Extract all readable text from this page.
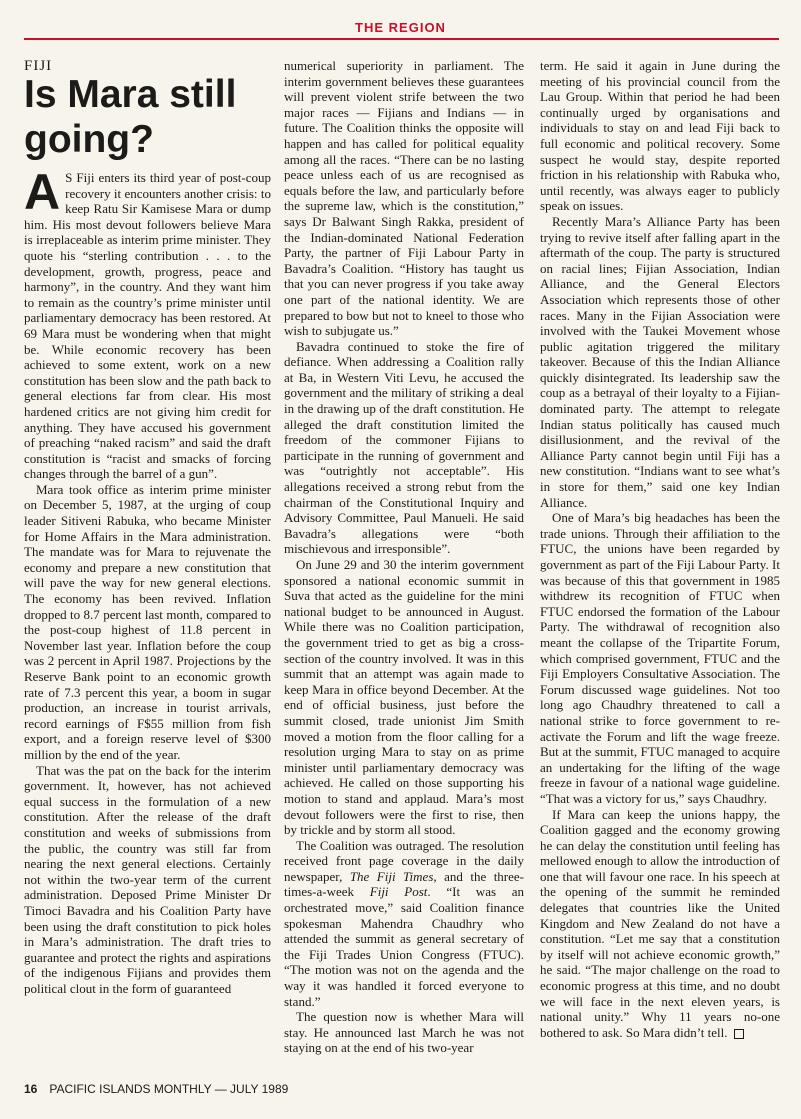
THE REGION
FIJI
Is Mara still going?

A S Fiji enters its third year of post-coup recovery it encounters another crisis: to keep Ratu Sir Kamisese Mara or dump him. His most devout followers believe Mara is irreplaceable as interim prime minister. They quote his “sterling contribution . . . to the development, growth, progress, peace and harmony”, in the country. And they want him to remain as the country’s prime minister until parliamentary democracy has been restored. At 69 Mara must be wondering when that might be. While economic recovery has been achieved to some extent, work on a new constitution has been slow and the path back to general elections far from clear. His most hardened critics are not giving him credit for anything. They have accused his government of preaching “naked racism” and said the draft constitution is “racist and smacks of forcing changes through the barrel of a gun”.

Mara took office as interim prime minister on December 5, 1987, at the urging of coup leader Sitiveni Rabuka, who became Minister for Home Affairs in the Mara administration. The mandate was for Mara to rejuvenate the economy and prepare a new constitution that will pave the way for new general elections. The economy has been revived. Inflation dropped to 8.7 percent last month, compared to the post-coup highest of 11.8 percent in November last year. Inflation before the coup was 2 percent in April 1987. Projections by the Reserve Bank point to an economic growth rate of 7.3 percent this year, a boom in sugar production, an increase in tourist arrivals, record earnings of F$55 million from fish export, and a foreign reserve level of $300 million by the end of the year.

That was the pat on the back for the interim government. It, however, has not achieved equal success in the formulation of a new constitution. After the release of the draft constitution and weeks of submissions from the public, the country was still far from nearing the next general elections. Certainly not within the two-year term of the current administration. Deposed Prime Minister Dr Timoci Bavadra and his Coalition Party have been using the draft constitution to pick holes in Mara’s administration. The draft tries to guarantee and protect the rights and aspirations of the indigenous Fijians and provides them political clout in the form of guaranteed

numerical superiority in parliament. The interim government believes these guarantees will prevent violent strife between the two major races — Fijians and Indians — in future. The Coalition thinks the opposite will happen and has called for political equality among all the races. “There can be no lasting peace unless each of us are recognised as equals before the law, and particularly before the supreme law, which is the constitution,” says Dr Balwant Singh Rakka, president of the Indian-dominated National Federation Party, the partner of Fiji Labour Party in Bavadra’s Coalition. “History has taught us that you can never progress if you take away one part of the national identity. We are prepared to bow but not to kneel to those who wish to subjugate us.”

Bavadra continued to stoke the fire of defiance. When addressing a Coalition rally at Ba, in Western Viti Levu, he accused the government and the military of striking a deal in the drawing up of the draft constitution. He alleged the draft constitution limited the freedom of the commoner Fijians to participate in the running of government and was “outrightly not acceptable”. His allegations received a strong rebut from the chairman of the Constitutional Inquiry and Advisory Committee, Paul Manueli. He said Bavadra’s allegations were “both mischievous and irresponsible”.

On June 29 and 30 the interim government sponsored a national economic summit in Suva that acted as the guideline for the mini national budget to be announced in August. While there was no Coalition participation, the government tried to get as big a cross-section of the country involved. It was in this summit that an attempt was again made to keep Mara in office beyond December. At the end of official business, just before the summit closed, trade unionist Jim Smith moved a motion from the floor calling for a resolution urging Mara to stay on as prime minister until parliamentary democracy was achieved. He called on those supporting his motion to stand and applaud. Mara’s most devout followers were the first to rise, then by trickle and by storm all stood.

The Coalition was outraged. The resolution received front page coverage in the daily newspaper, The Fiji Times, and the three-times-a-week Fiji Post. “It was an orchestrated move,” said Coalition finance spokesman Mahendra Chaudhry who attended the summit as general secretary of the Fiji Trades Union Congress (FTUC). “The motion was not on the agenda and the way it was handled it forced everyone to stand.”

The question now is whether Mara will stay. He announced last March he was not staying on at the end of his two-year

term. He said it again in June during the meeting of his provincial council from the Lau Group. Within that period he had been continually urged by organisations and individuals to stay on and lead Fiji back to full economic and political recovery. Some suspect he would stay, despite reported friction in his relationship with Rabuka who, until recently, was always eager to publicly speak on issues.

Recently Mara’s Alliance Party has been trying to revive itself after falling apart in the aftermath of the coup. The party is structured on racial lines; Fijian Association, Indian Alliance, and the General Electors Association which represents those of other races. Many in the Fijian Association were involved with the Taukei Movement whose public agitation triggered the military takeover. Because of this the Indian Alliance quickly disintegrated. Its leadership saw the coup as a betrayal of their loyalty to a Fijian-dominated party. The attempt to relegate Indian status politically has caused much disillusionment, and the revival of the Alliance Party cannot begin until Fiji has a new constitution. “Indians want to see what’s in store for them,” said one key Indian Alliance.

One of Mara’s big headaches has been the trade unions. Through their affiliation to the FTUC, the unions have been regarded by government as part of the Fiji Labour Party. It was because of this that government in 1985 withdrew its recognition of FTUC when FTUC endorsed the formation of the Labour Party. The withdrawal of recognition also meant the collapse of the Tripartite Forum, which comprised government, FTUC and the Fiji Employers Consultative Association. The Forum discussed wage guidelines. Not too long ago Chaudhry threatened to call a national strike to force government to re-activate the Forum and lift the wage freeze. But at the summit, FTUC managed to acquire an undertaking for the lifting of the wage freeze in favour of a national wage guideline. “That was a victory for us,” says Chaudhry.

If Mara can keep the unions happy, the Coalition gagged and the economy growing he can delay the constitution until feeling has mellowed enough to allow the introduction of one that will favour one race. In his speech at the opening of the summit he reminded delegates that countries like the United Kingdom and New Zealand do not have a constitution. “Let me say that a constitution by itself will not achieve economic growth,” he said. “The major challenge on the road to economic progress at this time, and no doubt we will face in the next eleven years, is national unity.” Why 11 years no-one bothered to ask. So Mara didn’t tell.

16 PACIFIC ISLANDS MONTHLY — JULY 1989
